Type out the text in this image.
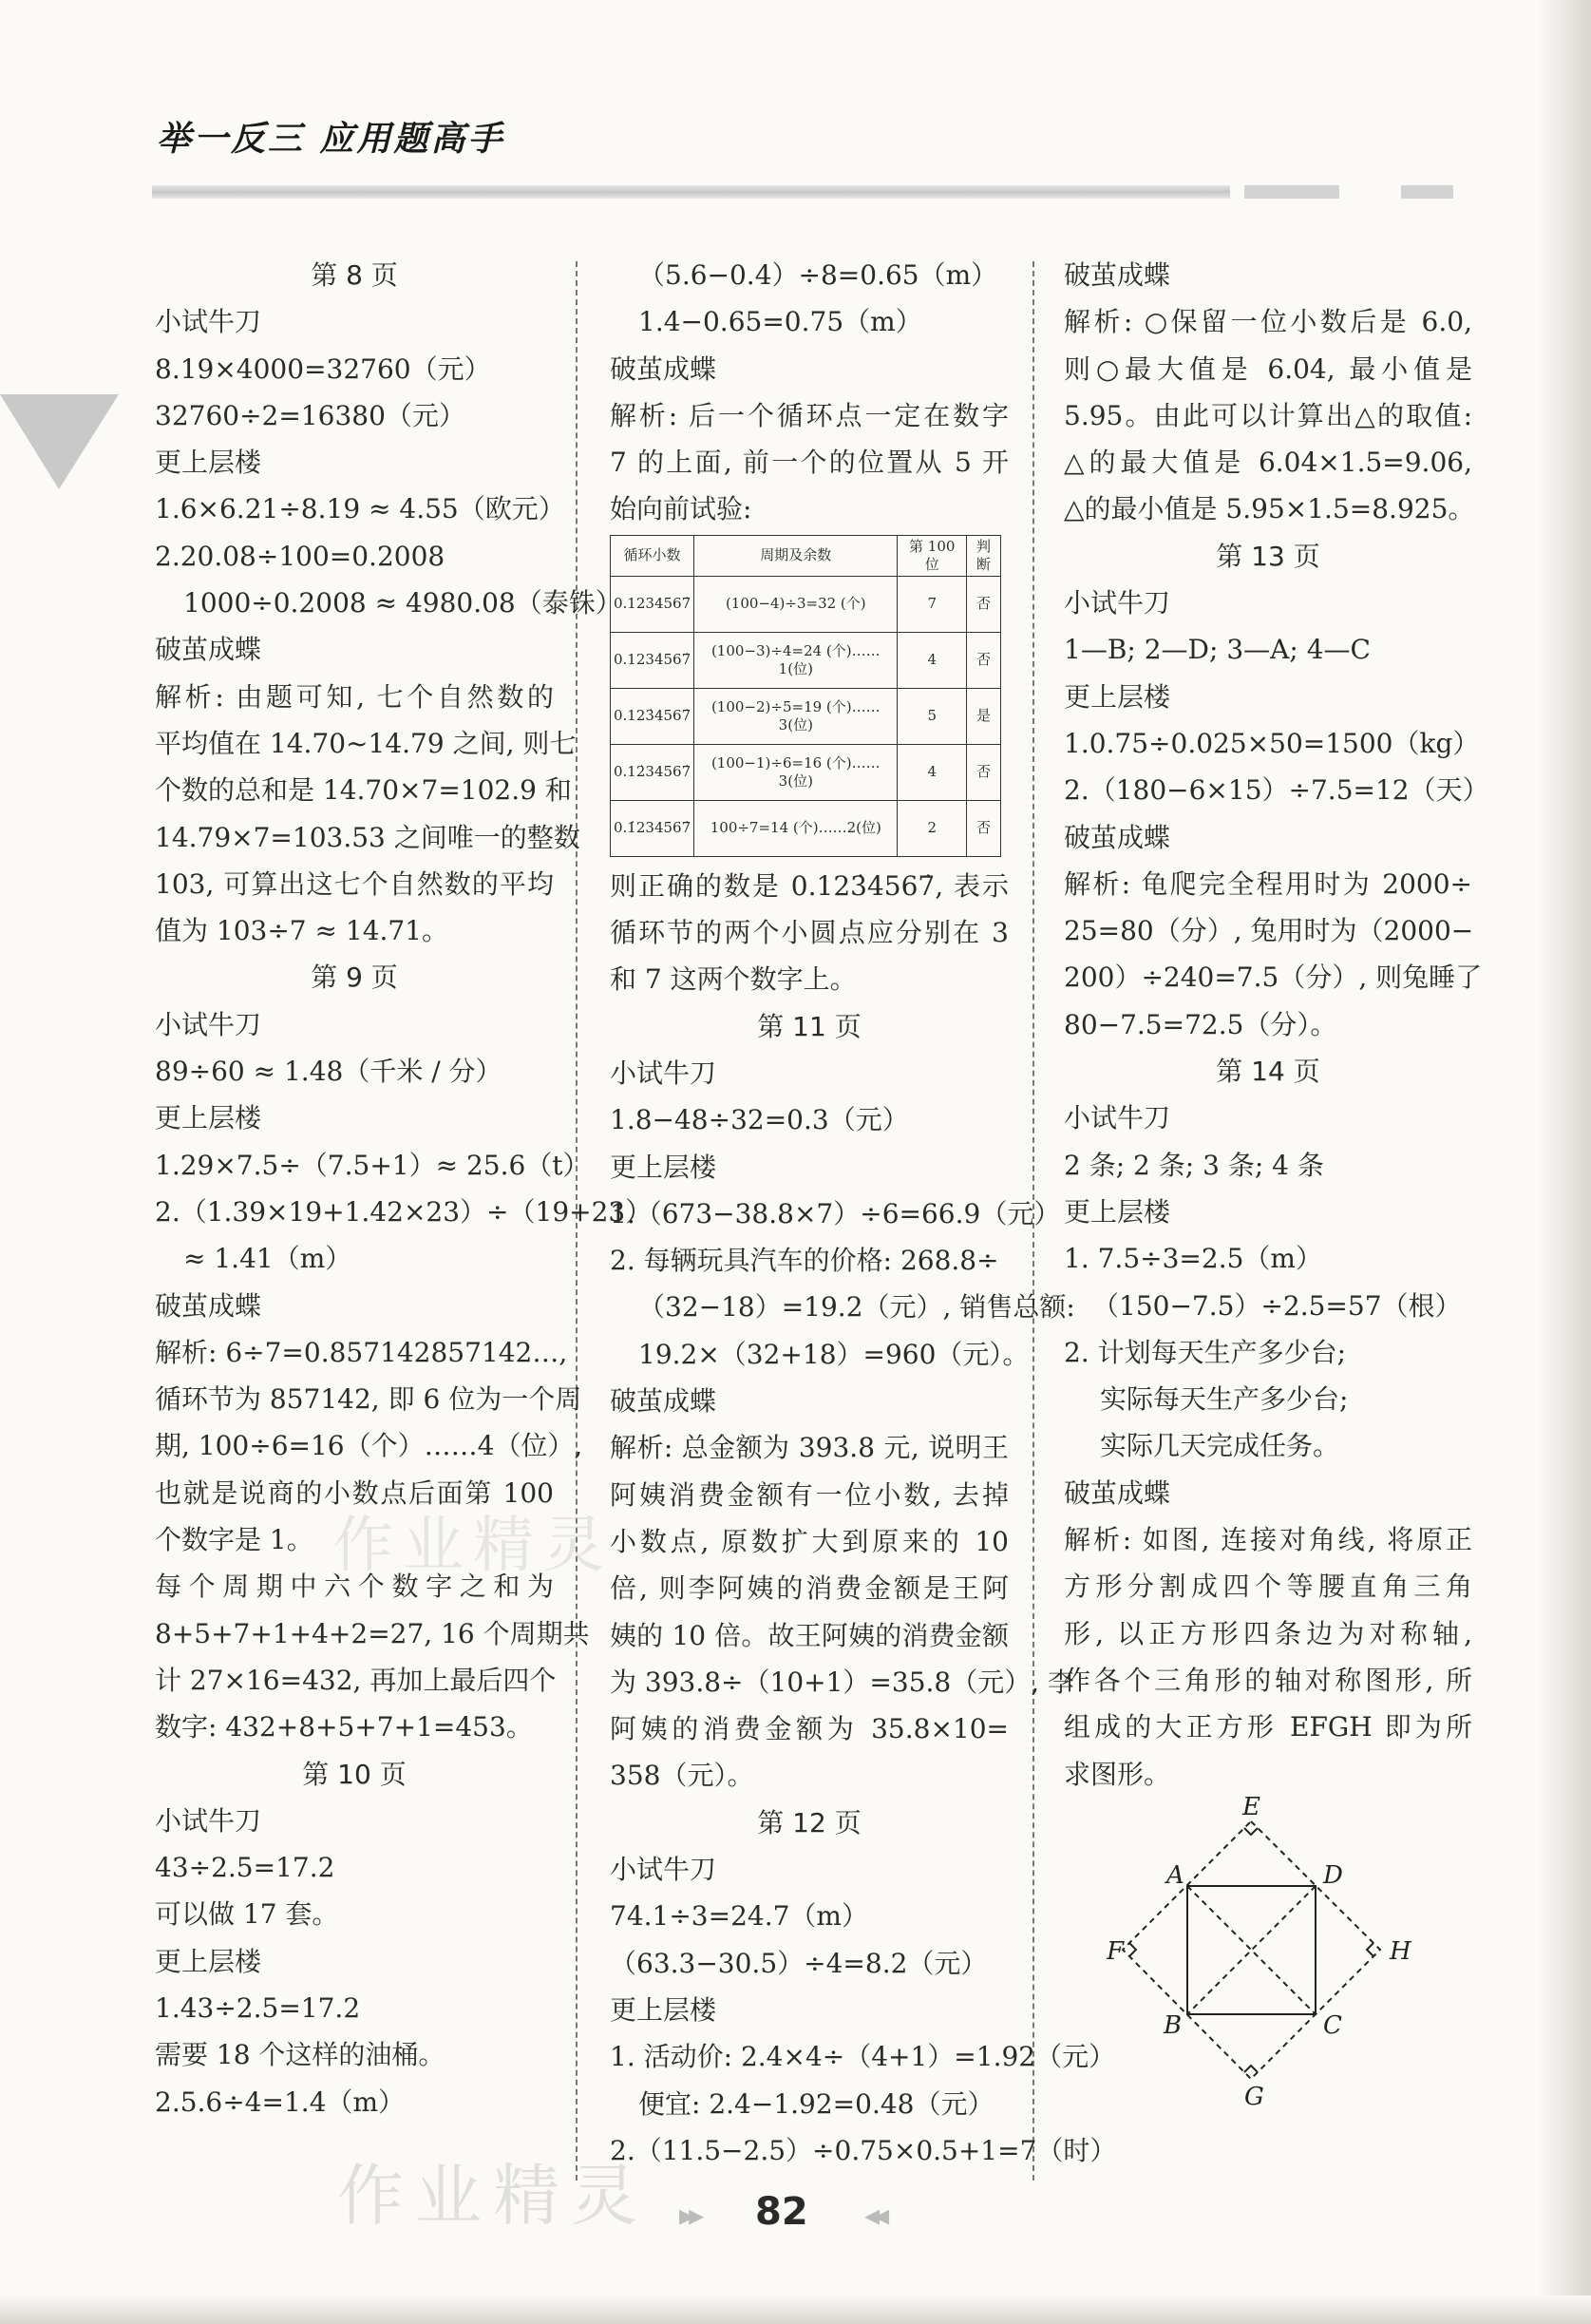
举一反三 应用题高手
第 8 页
小试牛刀
8.19×4000=32760（元）
32760÷2=16380（元）
更上层楼
1.6×6.21÷8.19 ≈ 4.55（欧元）
2.20.08÷100=0.2008
1000÷0.2008 ≈ 4980.08（泰铢）
破茧成蝶
解析: 由题可知, 七个自然数的
平均值在 14.70~14.79 之间, 则七
个数的总和是 14.70×7=102.9 和
14.79×7=103.53 之间唯一的整数
103, 可算出这七个自然数的平均
值为 103÷7 ≈ 14.71。
第 9 页
小试牛刀
89÷60 ≈ 1.48（千米 / 分）
更上层楼
1.29×7.5÷（7.5+1）≈ 25.6（t）
2.（1.39×19+1.42×23）÷（19+23）
≈ 1.41（m）
破茧成蝶
解析: 6÷7=0.857142857142…,
循环节为 857142, 即 6 位为一个周
期, 100÷6=16（个）……4（位）,
也就是说商的小数点后面第 100
个数字是 1。
每个周期中六个数字之和为
8+5+7+1+4+2=27, 16 个周期共
计 27×16=432, 再加上最后四个
数字: 432+8+5+7+1=453。
第 10 页
小试牛刀
43÷2.5=17.2
可以做 17 套。
更上层楼
1.43÷2.5=17.2
需要 18 个这样的油桶。
2.5.6÷4=1.4（m）
（5.6−0.4）÷8=0.65（m）
1.4−0.65=0.75（m）
破茧成蝶
解析: 后一个循环点一定在数字
7 的上面, 前一个的位置从 5 开
始向前试验:
循环小数	周期及余数	第 100 位	判断
0.1234567̇	(100−4)÷3=32 (个)	7	否
0.1234̇567̇	(100−3)÷4=24 (个)……1(位)	4	否
0.123̇4567̇	(100−2)÷5=19 (个)……3(位)	5	是
0.12̇34567̇	(100−1)÷6=16 (个)……3(位)	4	否
0.1̇234567̇	100÷7=14 (个)……2(位)	2	否
则正确的数是 0.123̇4567̇, 表示
循环节的两个小圆点应分别在 3
和 7 这两个数字上。
第 11 页
小试牛刀
1.8−48÷32=0.3（元）
更上层楼
1.（673−38.8×7）÷6=66.9（元）
2. 每辆玩具汽车的价格: 268.8÷
（32−18）=19.2（元）, 销售总额:
19.2×（32+18）=960（元）。
破茧成蝶
解析: 总金额为 393.8 元, 说明王
阿姨消费金额有一位小数, 去掉
小数点, 原数扩大到原来的 10
倍, 则李阿姨的消费金额是王阿
姨的 10 倍。故王阿姨的消费金额
为 393.8÷（10+1）=35.8（元）, 李
阿姨的消费金额为 35.8×10=
358（元）。
第 12 页
小试牛刀
74.1÷3=24.7（m）
（63.3−30.5）÷4=8.2（元）
更上层楼
1. 活动价: 2.4×4÷（4+1）=1.92（元）
便宜: 2.4−1.92=0.48（元）
2.（11.5−2.5）÷0.75×0.5+1=7（时）
破茧成蝶
解析: ○保留一位小数后是 6.0,
则○最大值是 6.04, 最小值是
5.95。由此可以计算出△的取值:
△的最大值是 6.04×1.5=9.06,
△的最小值是 5.95×1.5=8.925。
第 13 页
小试牛刀
1—B; 2—D; 3—A; 4—C
更上层楼
1.0.75÷0.025×50=1500（kg）
2.（180−6×15）÷7.5=12（天）
破茧成蝶
解析: 龟爬完全程用时为 2000÷
25=80（分）, 兔用时为（2000−
200）÷240=7.5（分）, 则兔睡了
80−7.5=72.5（分）。
第 14 页
小试牛刀
2 条; 2 条; 3 条; 4 条
更上层楼
1. 7.5÷3=2.5（m）
（150−7.5）÷2.5=57（根）
2. 计划每天生产多少台;
实际每天生产多少台;
实际几天完成任务。
破茧成蝶
解析: 如图, 连接对角线, 将原正
方形分割成四个等腰直角三角
形, 以正方形四条边为对称轴,
作各个三角形的轴对称图形, 所
组成的大正方形 EFGH 即为所
求图形。
E
F
G
H
A
B	C
D
作业精灵
作业精灵 ▸▸ 82 ◂◂
